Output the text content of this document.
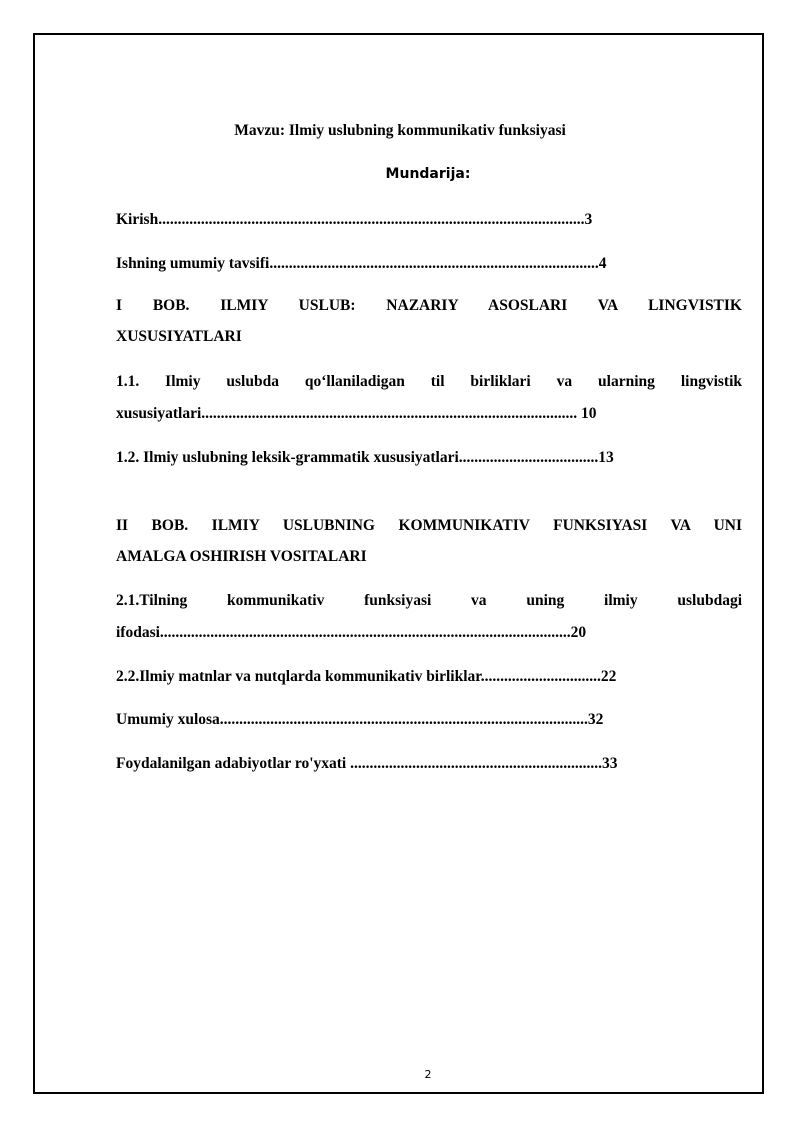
Mavzu: Ilmiy uslubning kommunikativ funksiyasi

Mundarija:

Kirish..............................................................................................................3

Ishning umumiy tavsifi.....................................................................................4

I BOB. ILMIY USLUB: NAZARIY ASOSLARI VA LINGVISTIK

XUSUSIYATLARI

1.1. Ilmiy uslubda qo‘llaniladigan til birliklari va ularning lingvistik

xususiyatlari................................................................................................. 10

1.2. Ilmiy uslubning leksik-grammatik xususiyatlari....................................13

II BOB. ILMIY USLUBNING KOMMUNIKATIV FUNKSIYASI VA UNI

AMALGA OSHIRISH VOSITALARI

2.1.Tilning kommunikativ funksiyasi va uning ilmiy uslubdagi

ifodasi..........................................................................................................20

2.2.Ilmiy matnlar va nutqlarda kommunikativ birliklar...............................22

Umumiy xulosa...............................................................................................32

Foydalanilgan adabiyotlar ro'yxati .................................................................33

2
